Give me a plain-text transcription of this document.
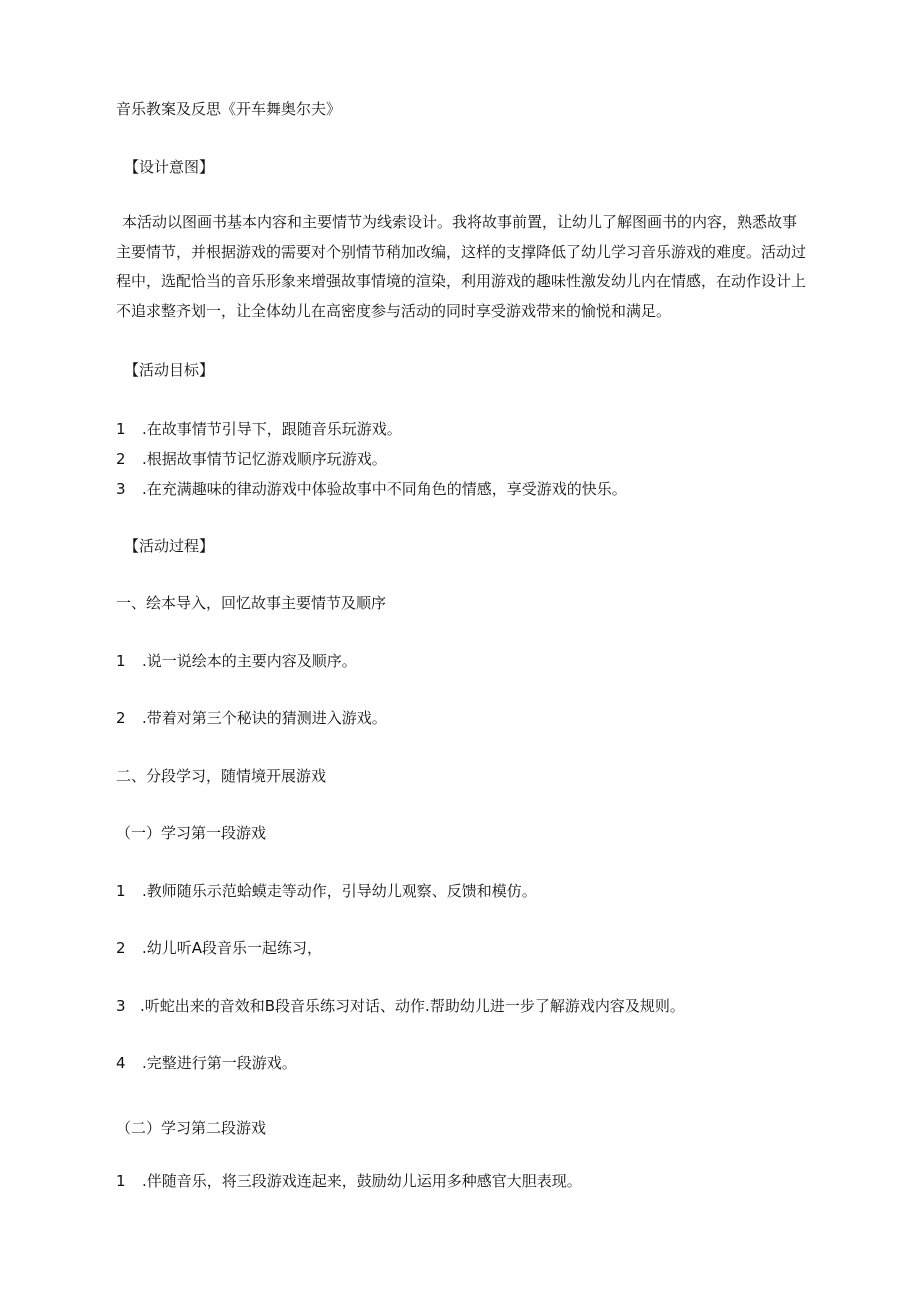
音乐教案及反思《开车舞奥尔夫》

【设计意图】

本活动以图画书基本内容和主要情节为线索设计。我将故事前置，让幼儿了解图画书的内容，熟悉故事主要情节，并根据游戏的需要对个别情节稍加改编，这样的支撑降低了幼儿学习音乐游戏的难度。活动过程中，选配恰当的音乐形象来增强故事情境的渲染，利用游戏的趣味性激发幼儿内在情感，在动作设计上不追求整齐划一，让全体幼儿在高密度参与活动的同时享受游戏带来的愉悦和满足。

【活动目标】

1 .在故事情节引导下，跟随音乐玩游戏。

2 .根据故事情节记忆游戏顺序玩游戏。

3 .在充满趣味的律动游戏中体验故事中不同角色的情感，享受游戏的快乐。

【活动过程】

一、绘本导入，回忆故事主要情节及顺序

1 .说一说绘本的主要内容及顺序。

2 .带着对第三个秘诀的猜测进入游戏。

二、分段学习，随情境开展游戏

（一）学习第一段游戏

1 .教师随乐示范蛤蟆走等动作，引导幼儿观察、反馈和模仿。

2 .幼儿听A段音乐一起练习，

3 .听蛇出来的音效和B段音乐练习对话、动作.帮助幼儿进一步了解游戏内容及规则。

4 .完整进行第一段游戏。

（二）学习第二段游戏

1 .伴随音乐，将三段游戏连起来，鼓励幼儿运用多种感官大胆表现。
